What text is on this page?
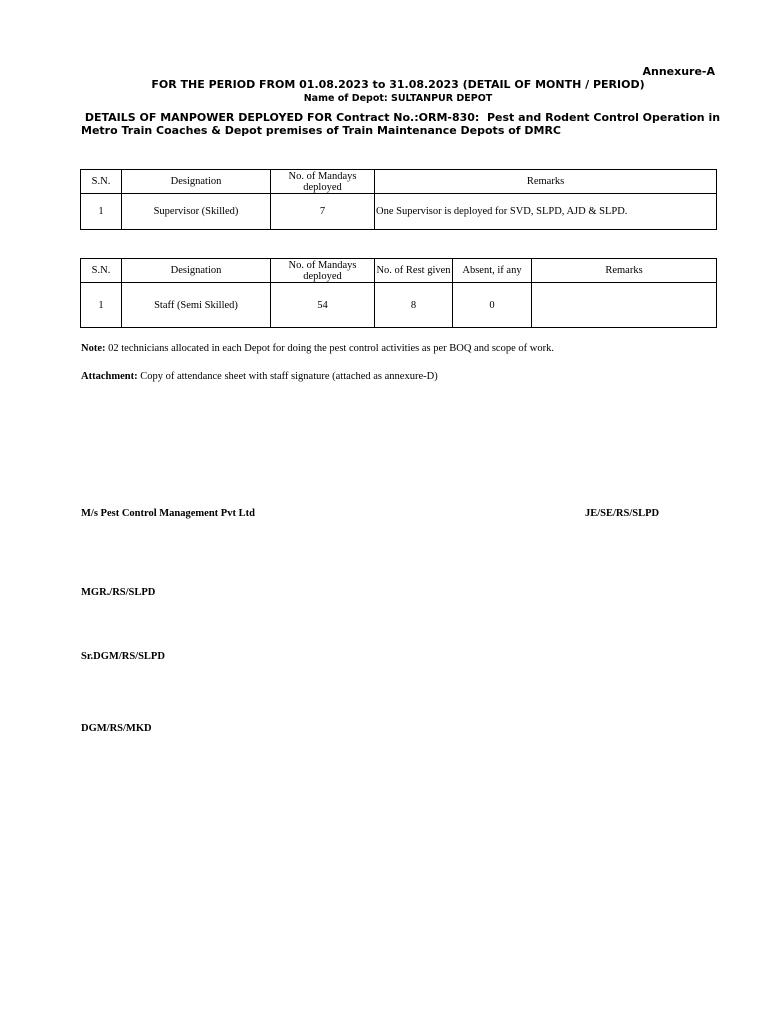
Annexure-A
FOR THE PERIOD FROM 01.08.2023 to 31.08.2023 (DETAIL OF MONTH / PERIOD)
Name of Depot: SULTANPUR DEPOT
DETAILS OF MANPOWER DEPLOYED FOR Contract No.:ORM-830:  Pest and Rodent Control Operation in Metro Train Coaches & Depot premises of Train Maintenance Depots of DMRC
S.N.	Designation	No. of Mandays deployed	Remarks
1	Supervisor (Skilled)	7	One Supervisor is deployed for SVD, SLPD, AJD & SLPD.
S.N.	Designation	No. of Mandays deployed	No. of Rest given	Absent, if any	Remarks
1	Staff (Semi Skilled)	54	8	0	
Note: 02 technicians allocated in each Depot for doing the pest control activities as per BOQ and scope of work.
Attachment: Copy of attendance sheet with staff signature (attached as annexure-D)
M/s Pest Control Management Pvt Ltd	JE/SE/RS/SLPD
MGR./RS/SLPD
Sr.DGM/RS/SLPD
DGM/RS/MKD
